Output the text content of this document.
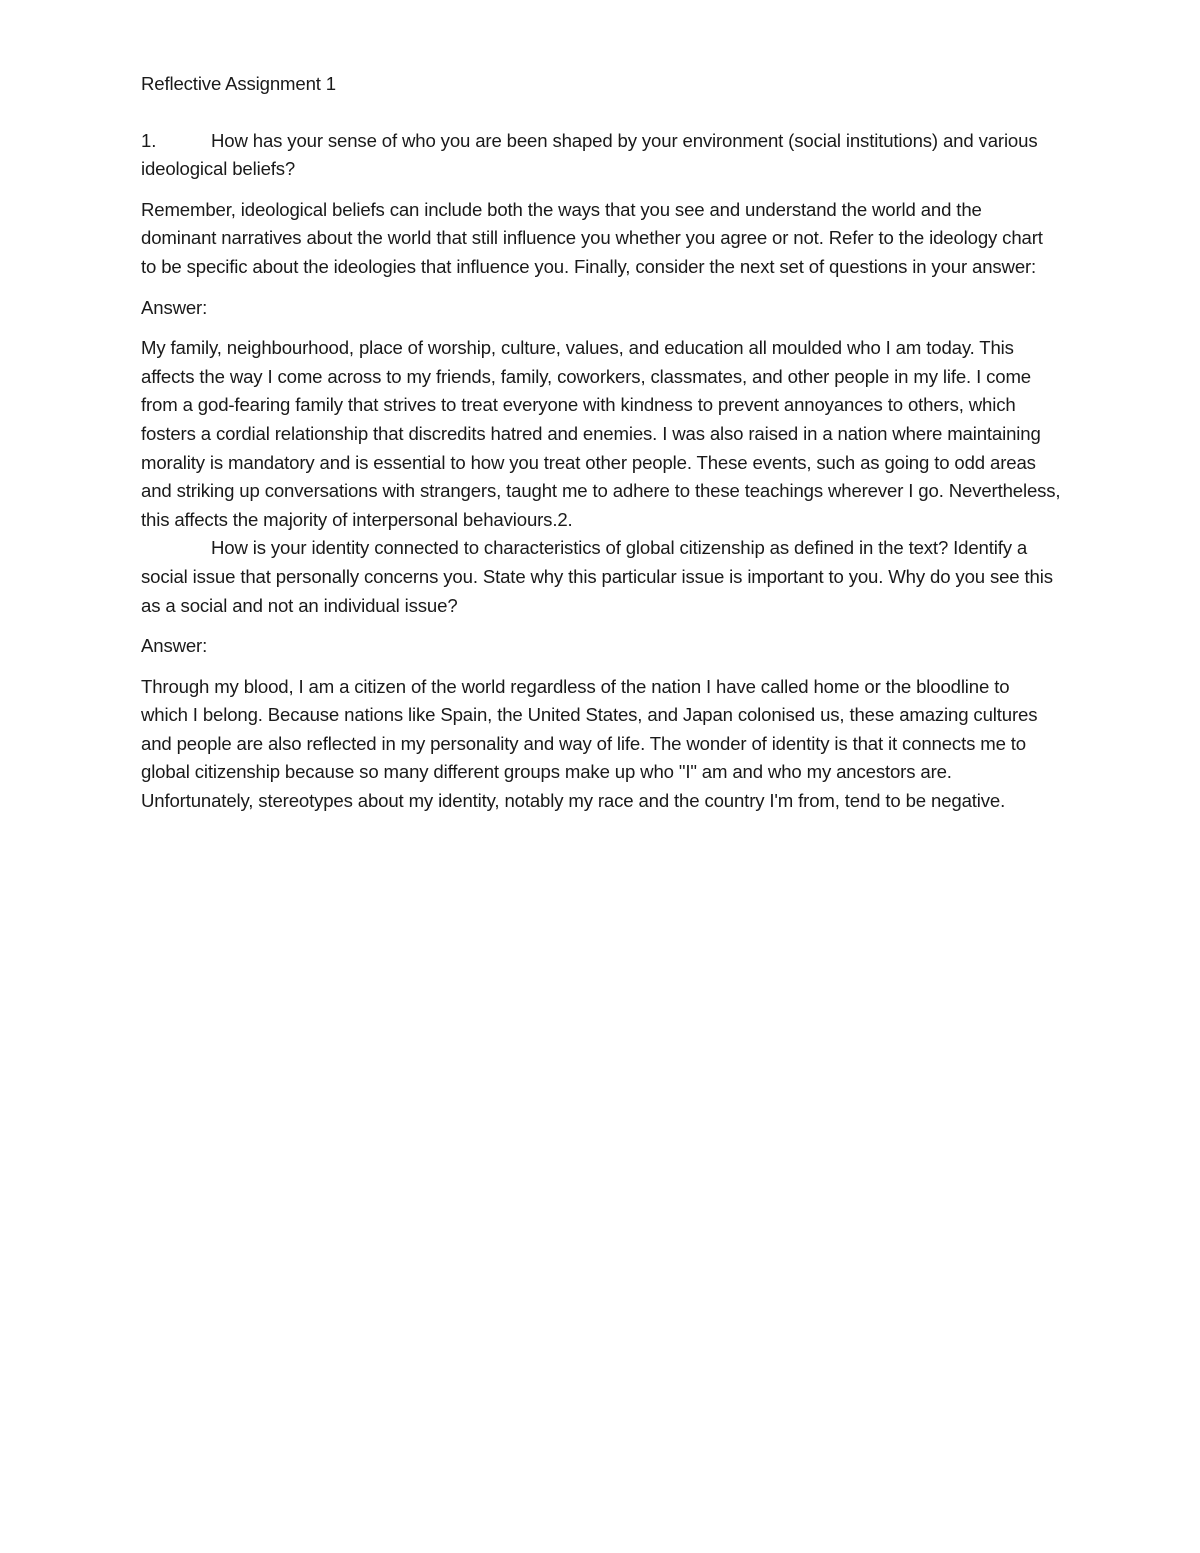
Reflective Assignment 1
1.	How has your sense of who you are been shaped by your environment (social institutions) and various ideological beliefs?
Remember, ideological beliefs can include both the ways that you see and understand the world and the dominant narratives about the world that still influence you whether you agree or not. Refer to the ideology chart to be specific about the ideologies that influence you. Finally, consider the next set of questions in your answer:
Answer:
My family, neighbourhood, place of worship, culture, values, and education all moulded who I am today. This affects the way I come across to my friends, family, coworkers, classmates, and other people in my life. I come from a god-fearing family that strives to treat everyone with kindness to prevent annoyances to others, which fosters a cordial relationship that discredits hatred and enemies. I was also raised in a nation where maintaining morality is mandatory and is essential to how you treat other people. These events, such as going to odd areas and striking up conversations with strangers, taught me to adhere to these teachings wherever I go. Nevertheless, this affects the majority of interpersonal behaviours.2.
How is your identity connected to characteristics of global citizenship as defined in the text? Identify a social issue that personally concerns you. State why this particular issue is important to you. Why do you see this as a social and not an individual issue?
Answer:
Through my blood, I am a citizen of the world regardless of the nation I have called home or the bloodline to which I belong. Because nations like Spain, the United States, and Japan colonised us, these amazing cultures and people are also reflected in my personality and way of life. The wonder of identity is that it connects me to global citizenship because so many different groups make up who "I" am and who my ancestors are. Unfortunately, stereotypes about my identity, notably my race and the country I'm from, tend to be negative.
